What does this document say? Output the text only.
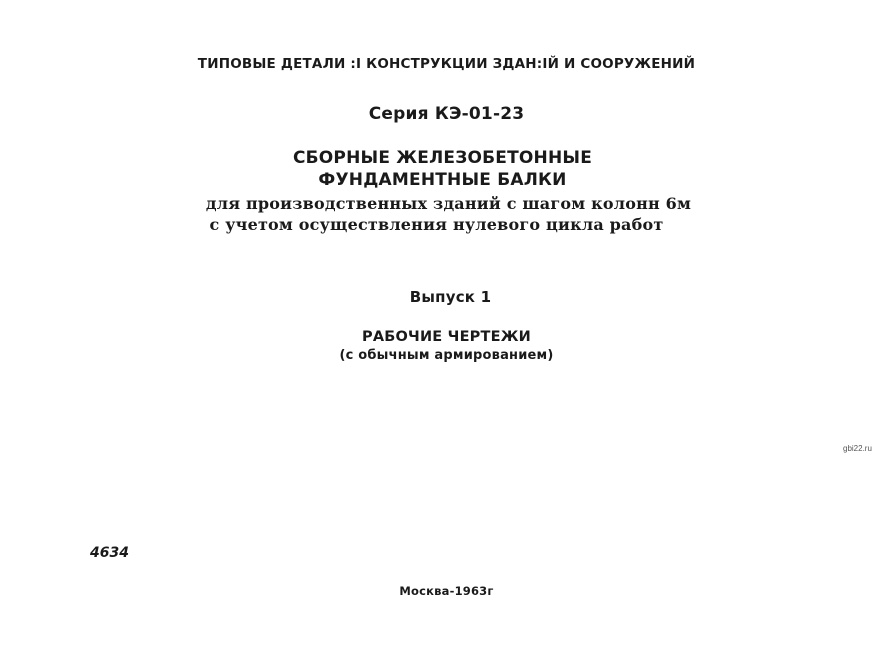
ТИПОВЫЕ ДЕТАЛИ :І КОНСТРУКЦИИ ЗДАН:ІЙ И СООРУЖЕНИЙ
Серия КЭ-01-23
СБОРНЫЕ ЖЕЛЕЗОБЕТОННЫЕ
ФУНДАМЕНТНЫЕ БАЛКИ
для производственных зданий с шагом колонн 6м
с учетом осуществления нулевого цикла работ
Выпуск 1
РАБОЧИЕ ЧЕРТЕЖИ
(с обычным армированием)
gbi22.ru
4634
Москва-1963г
